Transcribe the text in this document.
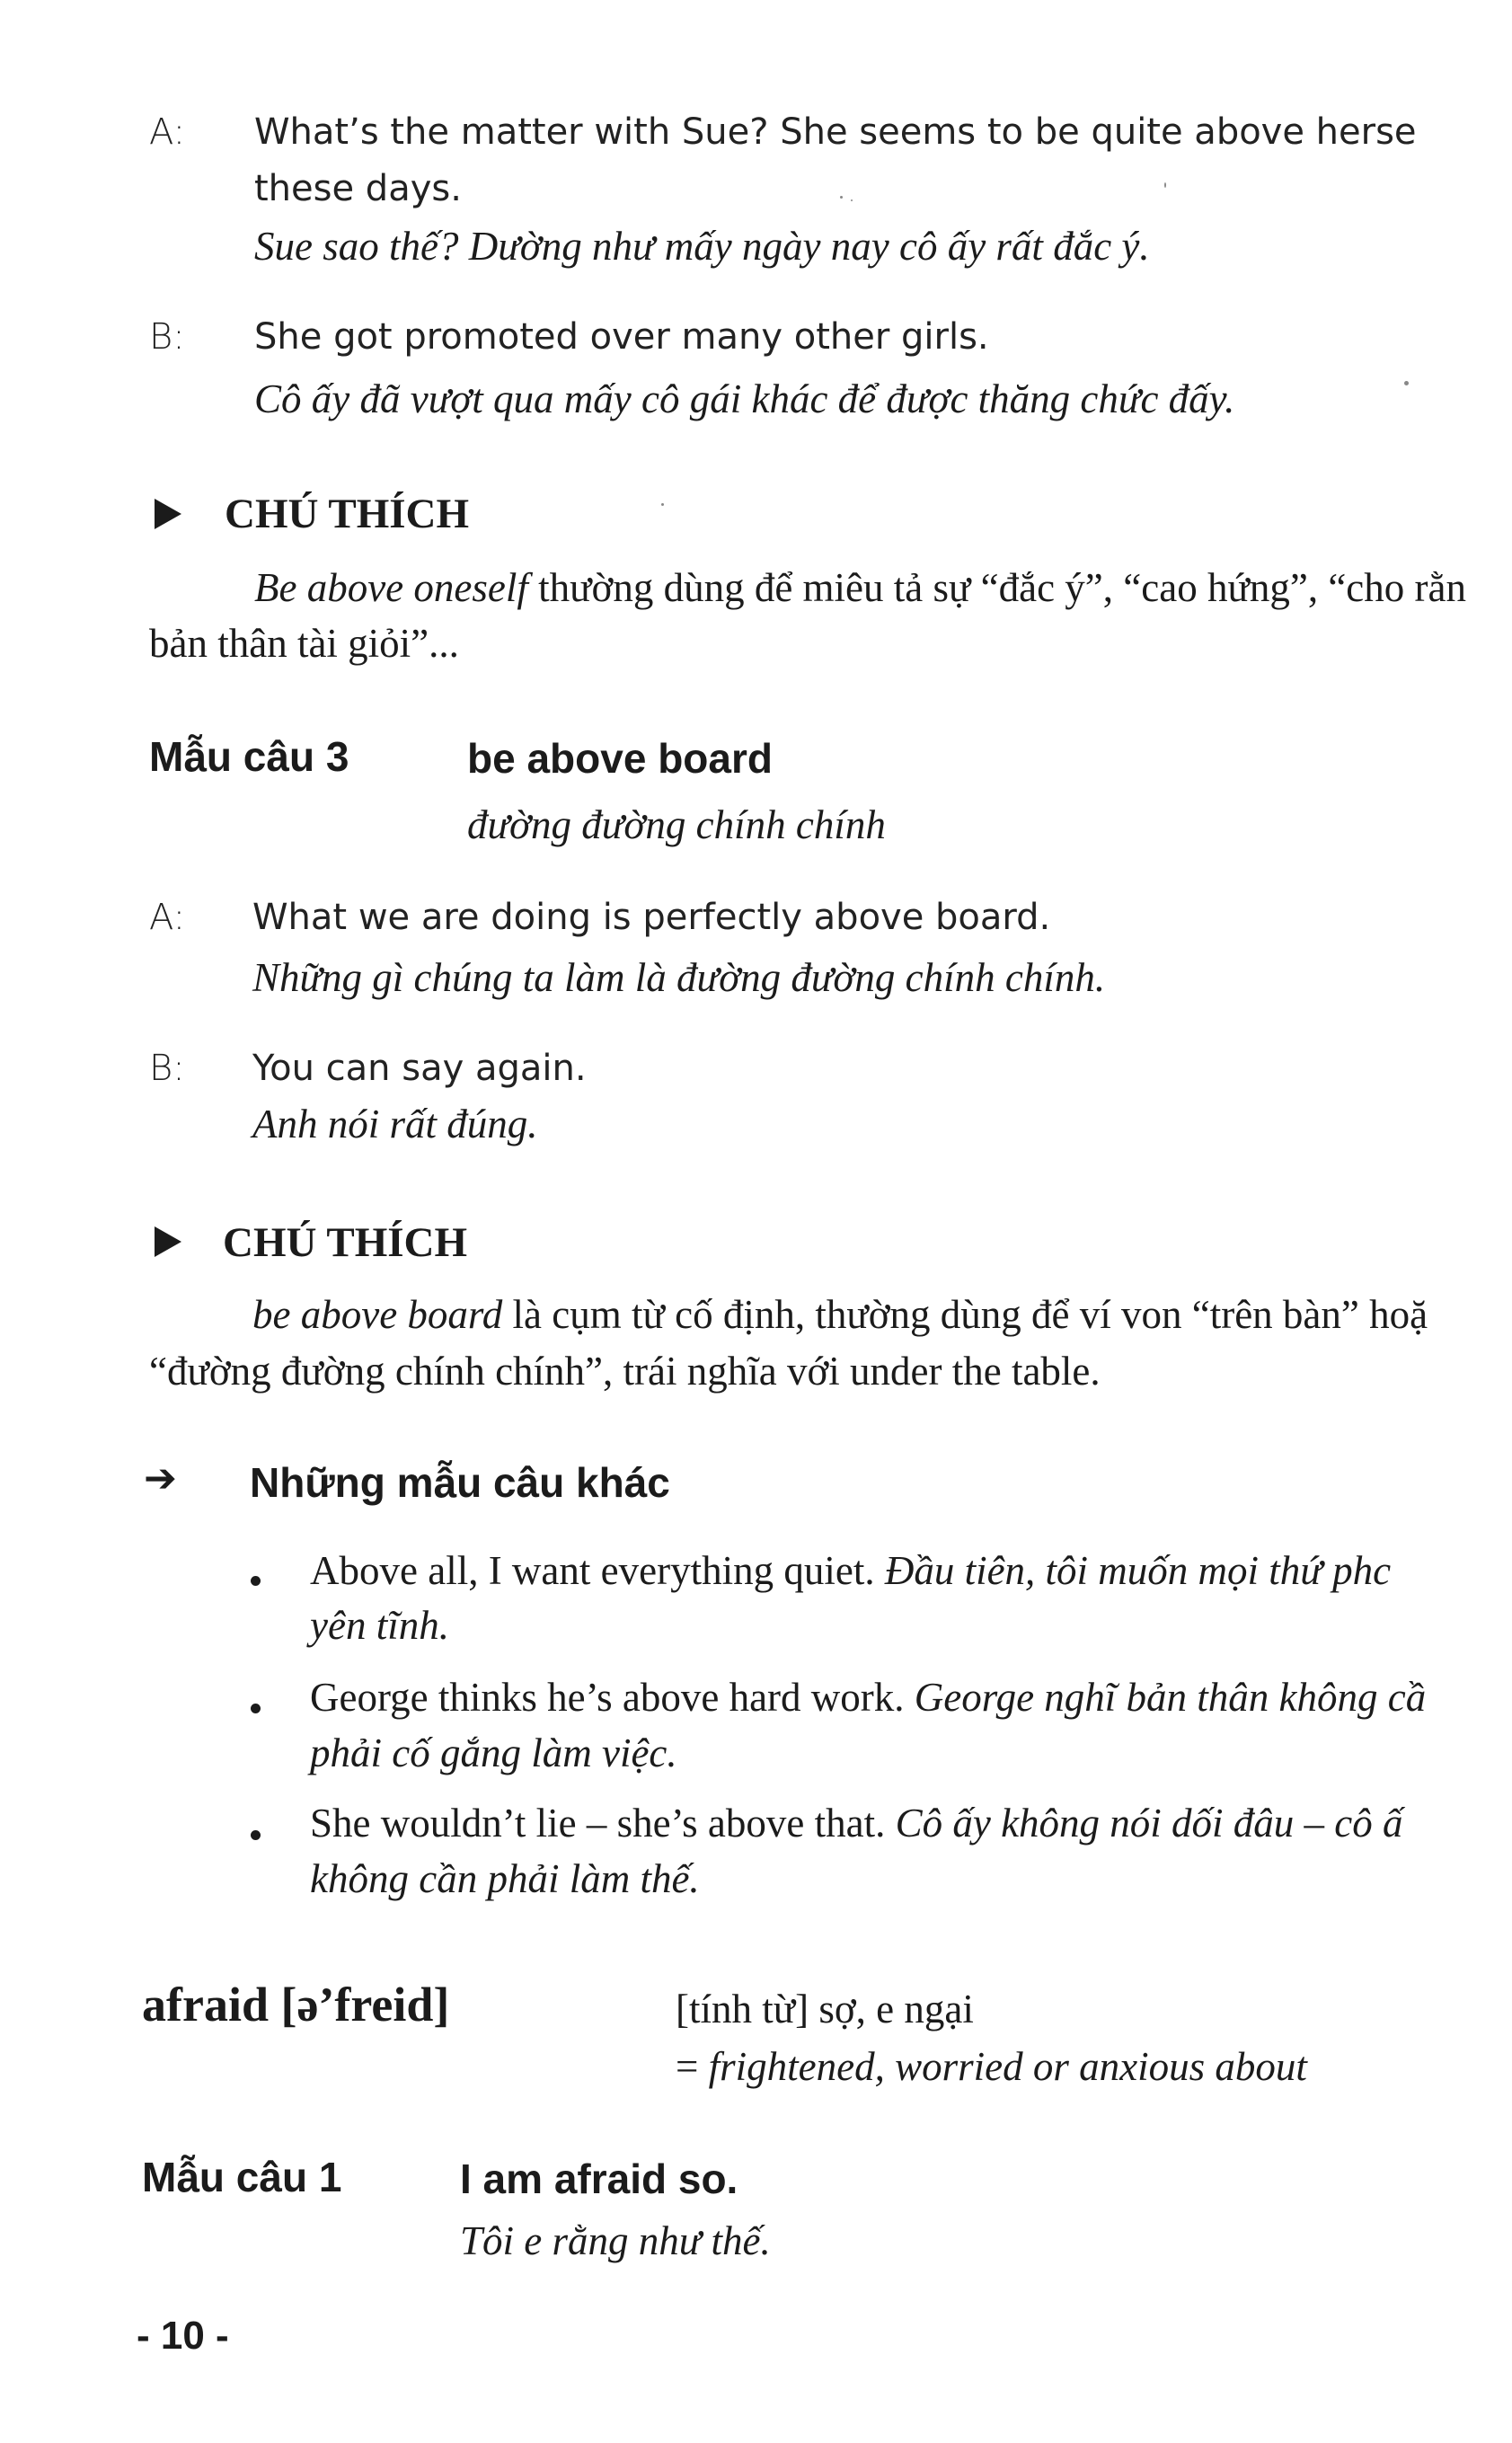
A: What’s the matter with Sue? She seems to be quite above herse
these days.
Sue sao thế? Dường như mấy ngày nay cô ấy rất đắc ý.
B: She got promoted over many other girls.
Cô ấy đã vượt qua mấy cô gái khác để được thăng chức đấy.
CHÚ THÍCH
Be above oneself thường dùng để miêu tả sự “đắc ý”, “cao hứng”, “cho rằn
bản thân tài giỏi”...
Mẫu câu 3	be above board
đường đường chính chính
A: What we are doing is perfectly above board.
Những gì chúng ta làm là đường đường chính chính.
B: You can say again.
Anh nói rất đúng.
CHÚ THÍCH
be above board là cụm từ cố định, thường dùng để ví von “trên bàn” hoặ
“đường đường chính chính”, trái nghĩa với under the table.
➔ Những mẫu câu khác
Above all, I want everything quiet. Đầu tiên, tôi muốn mọi thứ phc
yên tĩnh.
George thinks he’s above hard work. George nghĩ bản thân không cầ
phải cố gắng làm việc.
She wouldn’t lie – she’s above that. Cô ấy không nói dối đâu – cô ấ
không cần phải làm thế.
afraid [ə’freid]	[tính từ] sợ, e ngại
= frightened, worried or anxious about
Mẫu câu 1	I am afraid so.
Tôi e rằng như thế.
- 10 -
